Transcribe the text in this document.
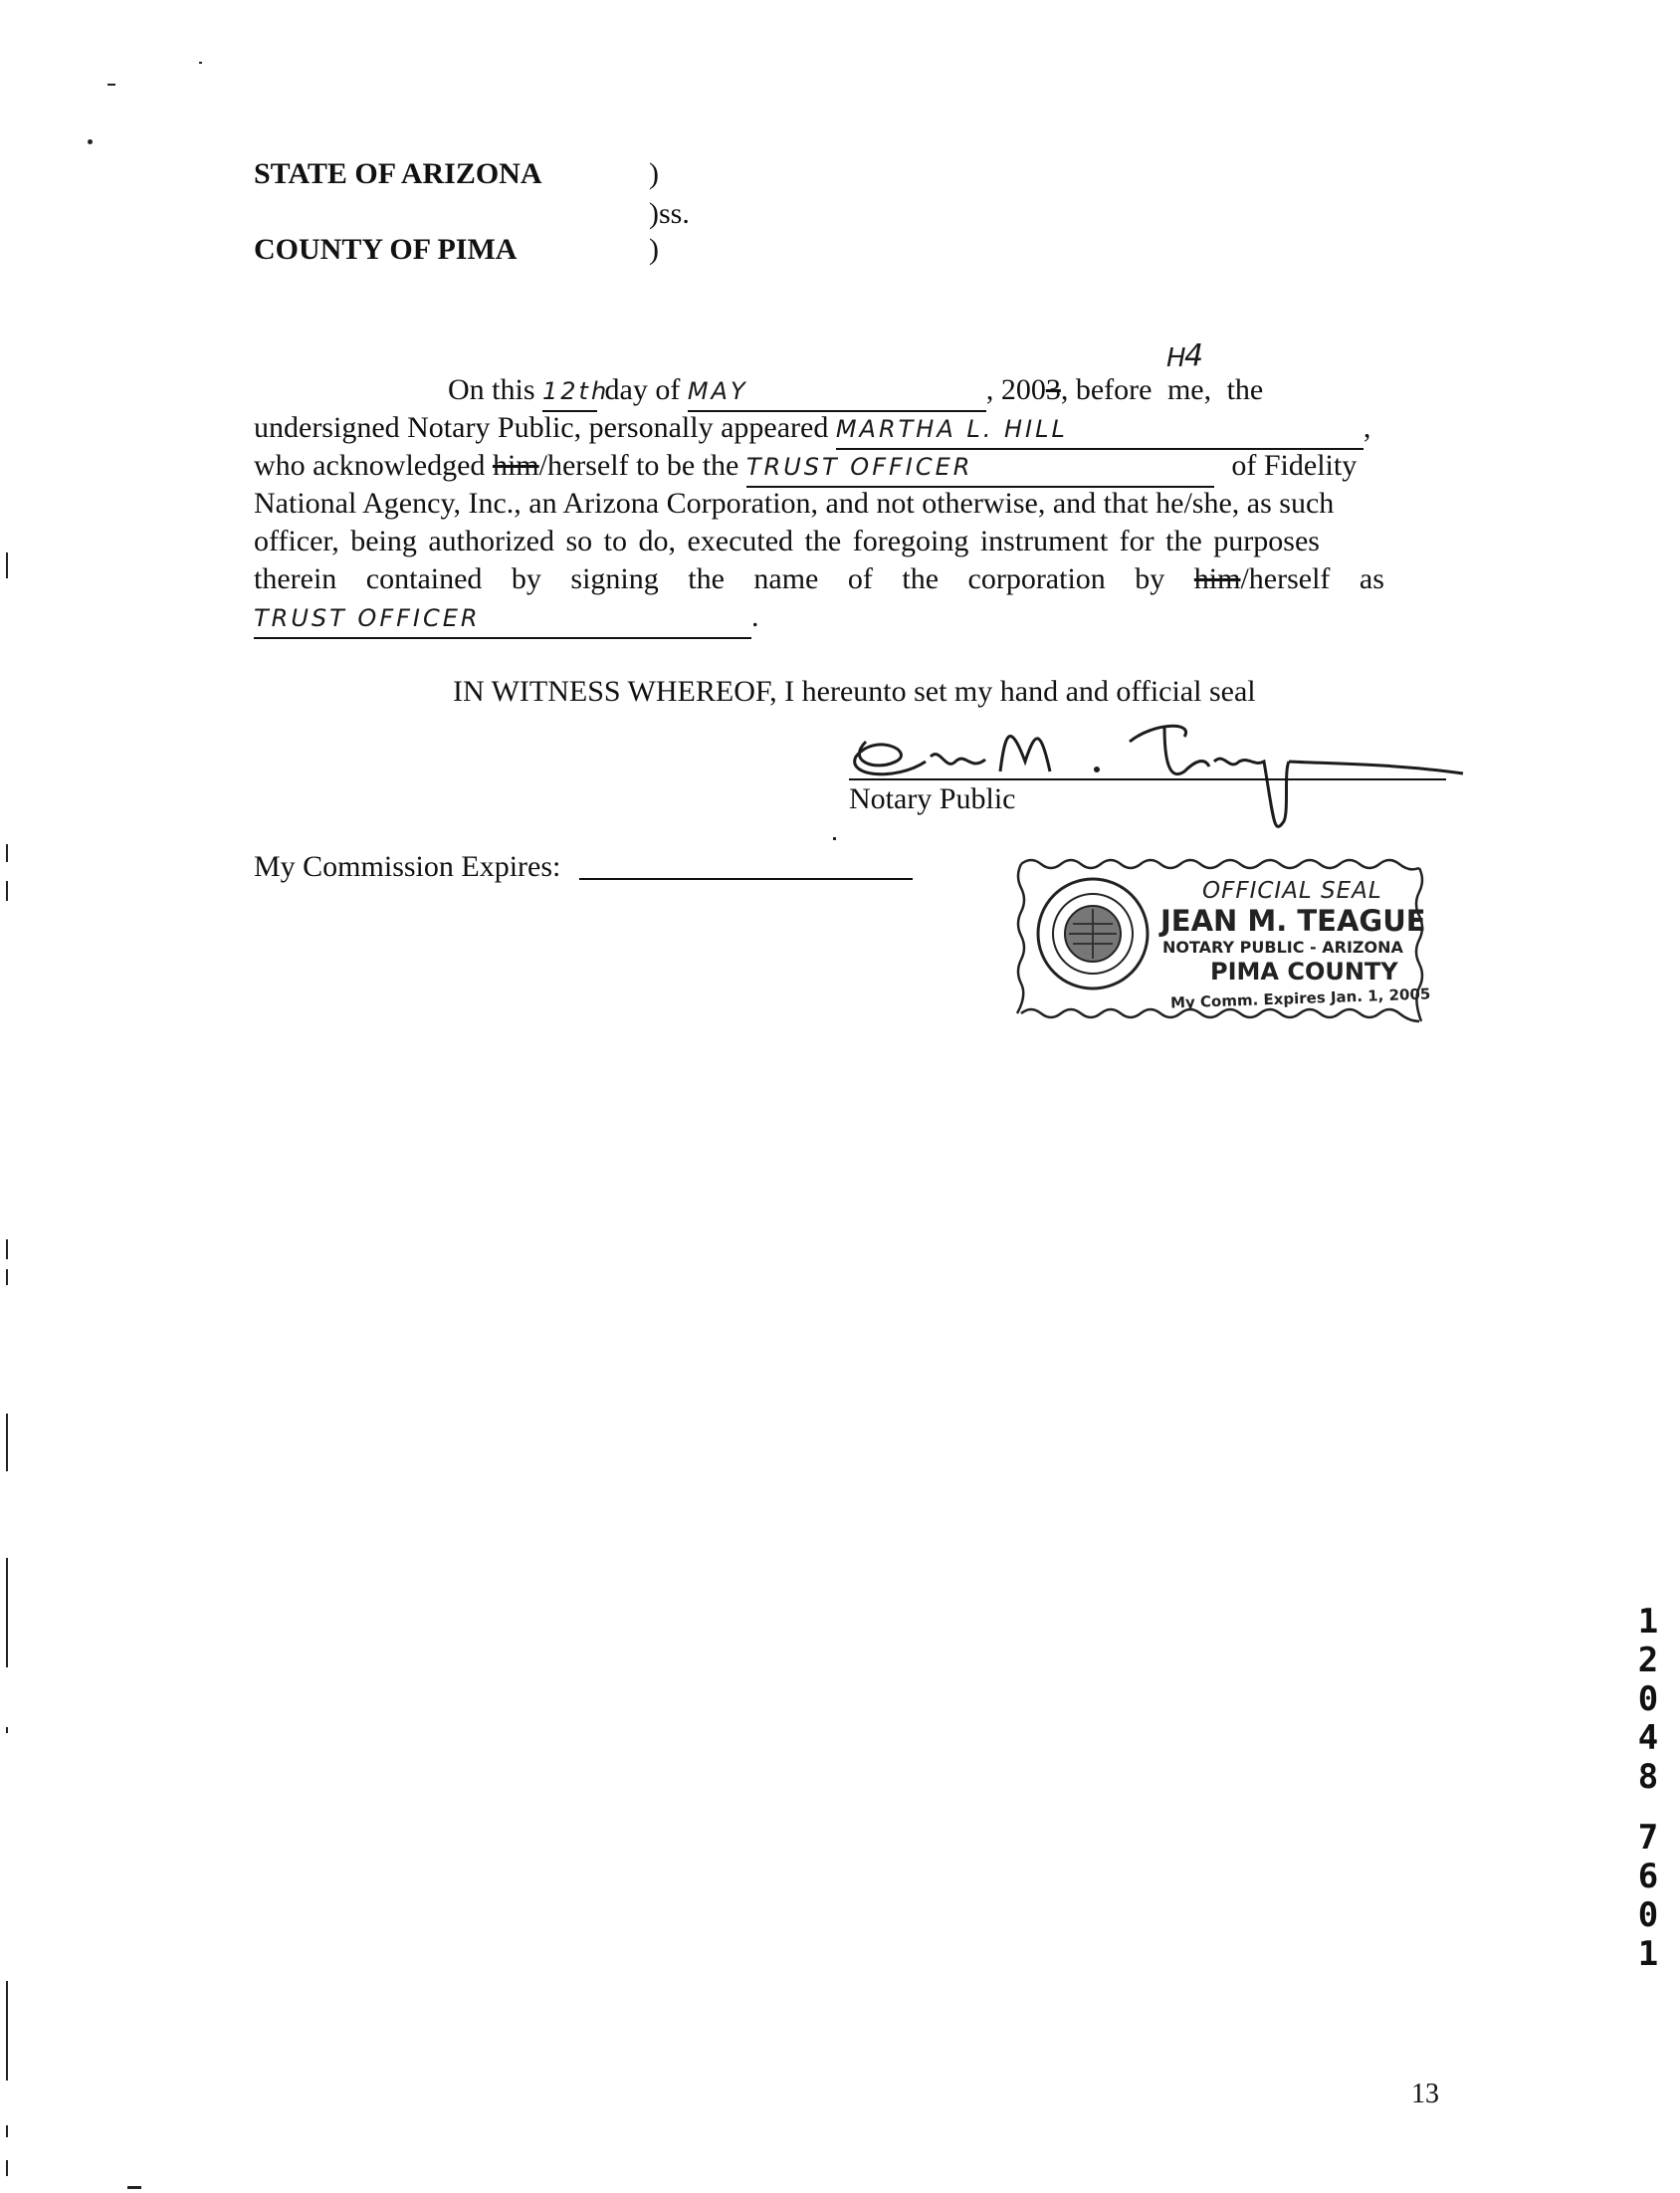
STATE OF ARIZONA	)
)ss.
COUNTY OF PIMA	)
4
H
On this 12th day of MAY	, 2003, before me, the
undersigned Notary Public, personally appeared MARTHA L. HILL	,
who acknowledged him/herself to be the TRUST OFFICER	of Fidelity
National Agency, Inc., an Arizona Corporation, and not otherwise, and that he/she, as such
officer, being authorized so to do, executed the foregoing instrument for the purposes
therein contained by signing the name of the corporation by him/herself as
TRUST OFFICER	.
IN WITNESS WHEREOF, I hereunto set my hand and official seal
Notary Public
My Commission Expires:
OFFICIAL SEAL
JEAN M. TEAGUE
NOTARY PUBLIC - ARIZONA
PIMA COUNTY
My Comm. Expires Jan. 1, 2005
1
2
0
4
8
7
6
0
1
13
